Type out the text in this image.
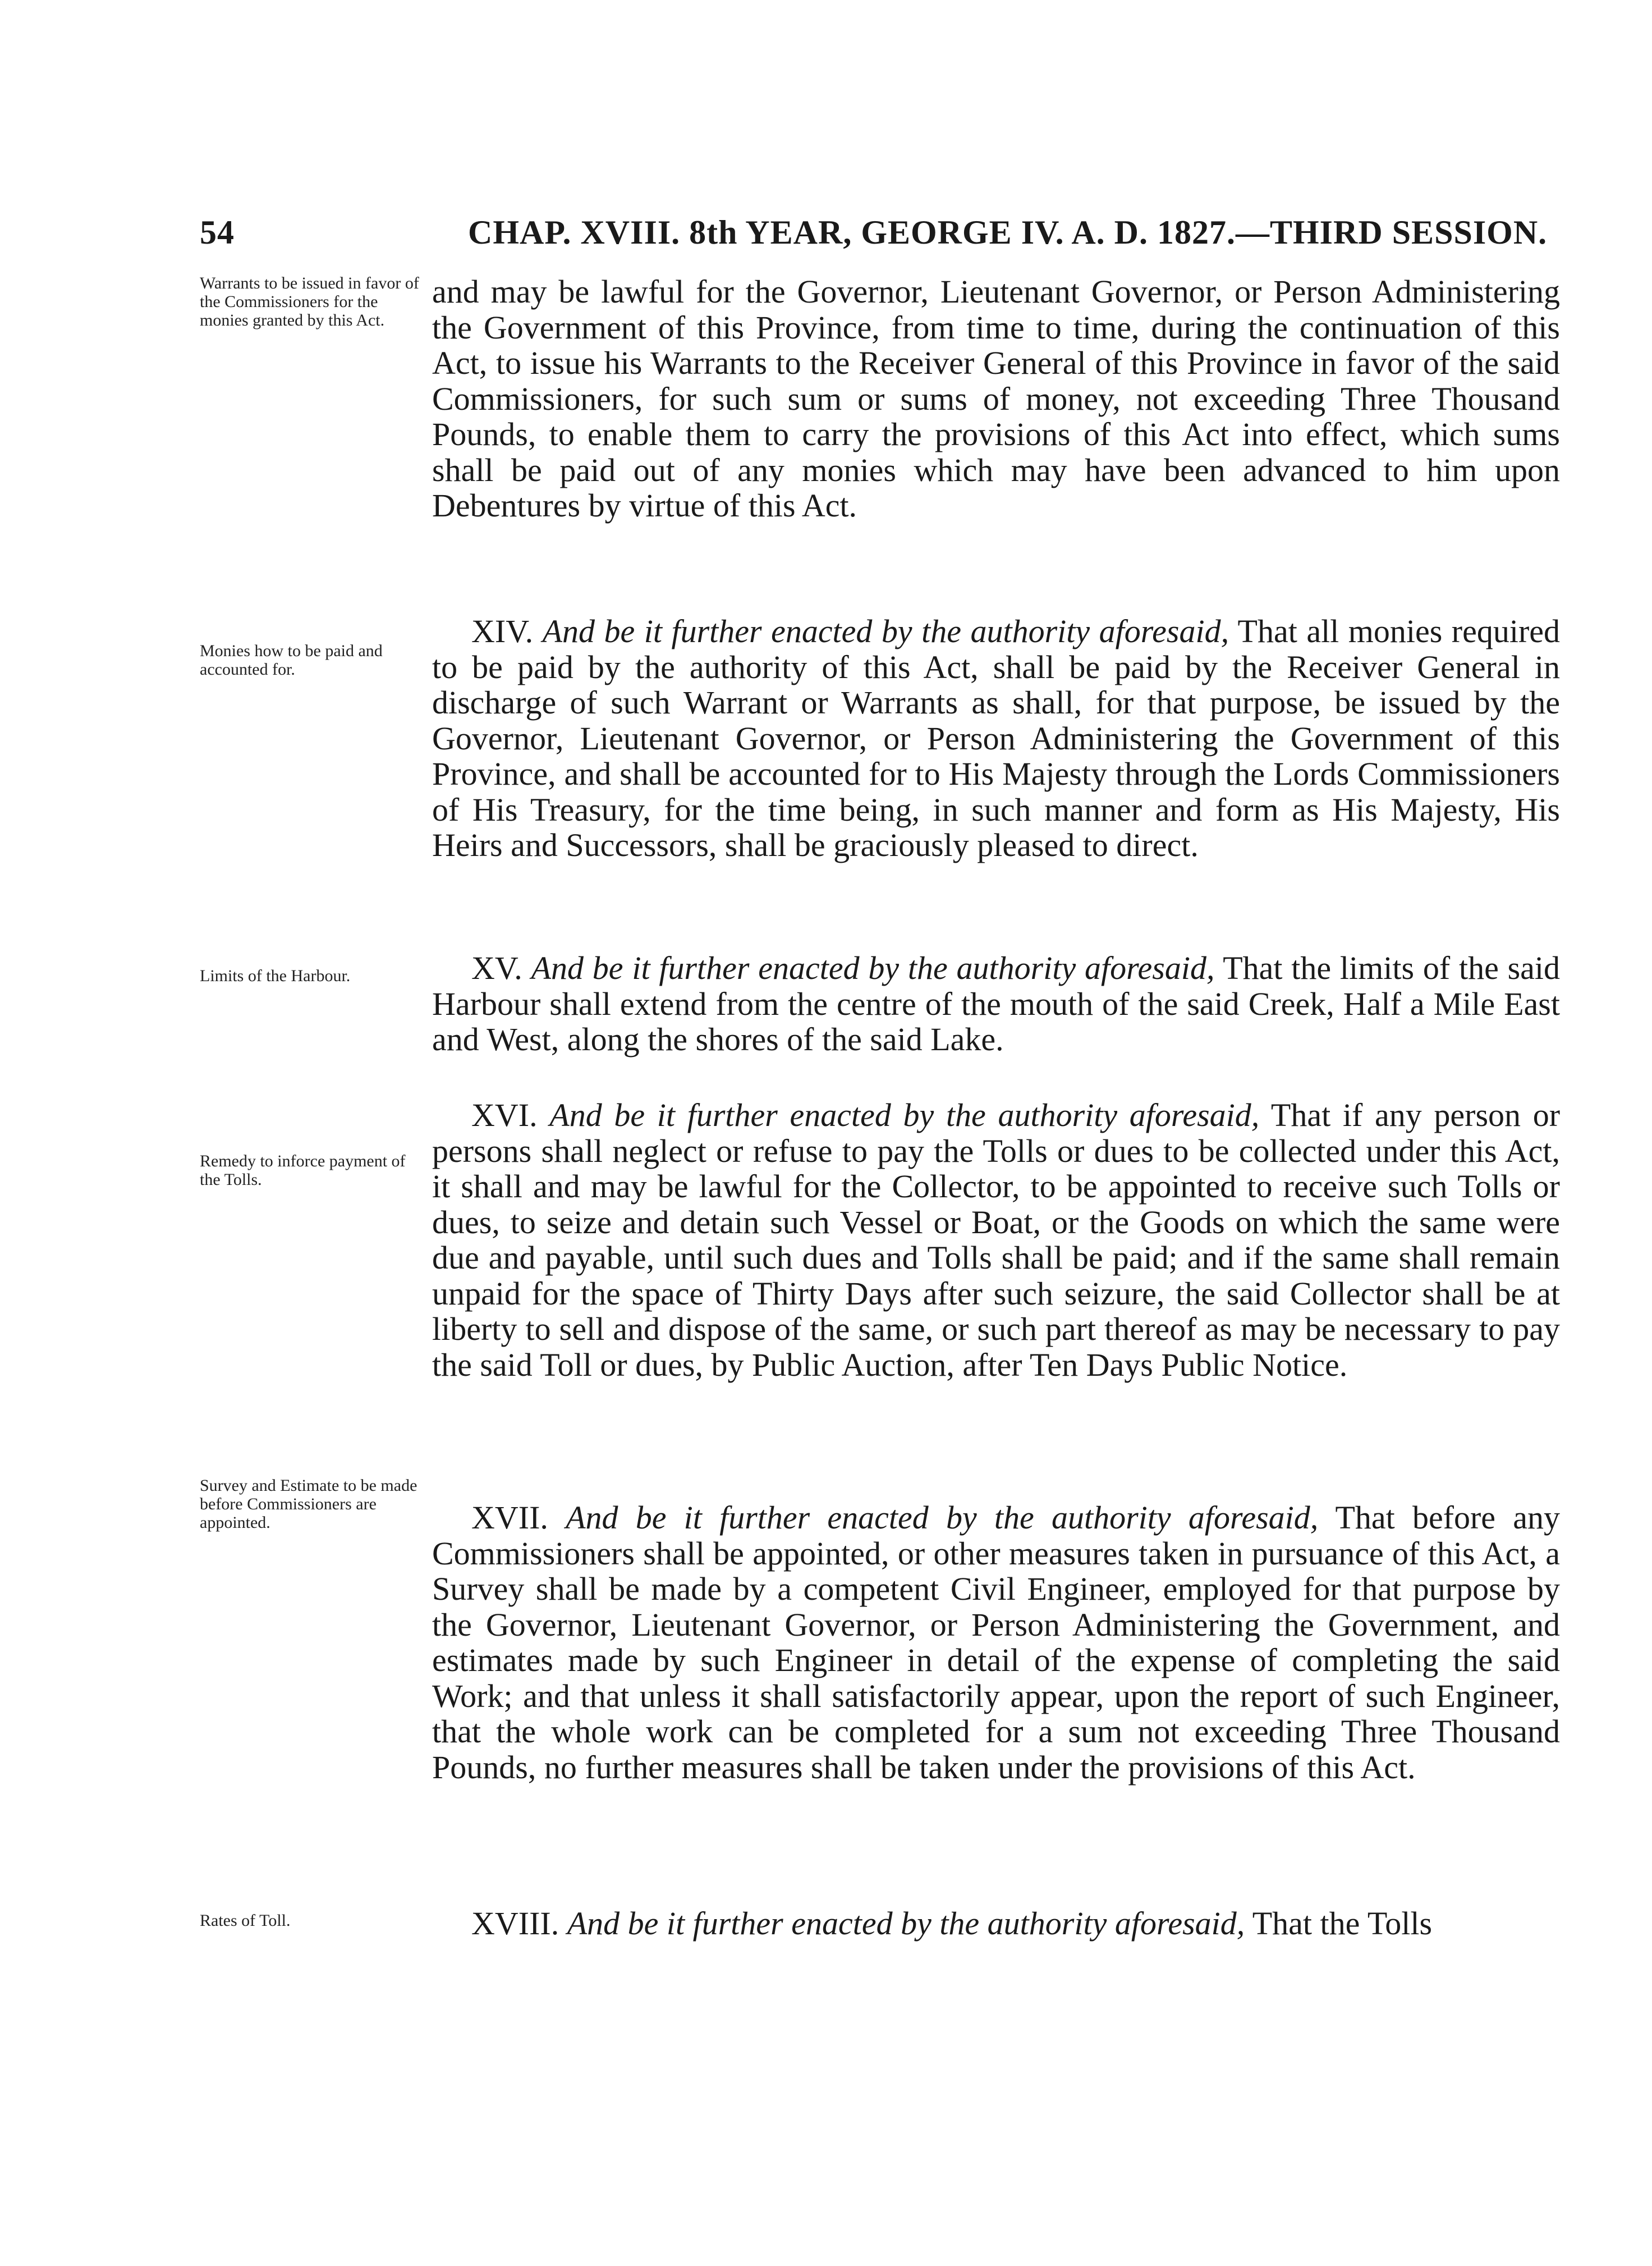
54	CHAP. XVIII. 8th YEAR, GEORGE IV. A. D. 1827.—THIRD SESSION.
Warrants to be issued in favor of the Commissioners for the monies granted by this Act.
and may be lawful for the Governor, Lieutenant Governor, or Person Administering the Government of this Province, from time to time, during the continuation of this Act, to issue his Warrants to the Receiver General of this Province in favor of the said Commissioners, for such sum or sums of money, not exceeding Three Thousand Pounds, to enable them to carry the provisions of this Act into effect, which sums shall be paid out of any monies which may have been advanced to him upon Debentures by virtue of this Act.
Monies how to be paid and accounted for.
XIV. And be it further enacted by the authority aforesaid, That all monies required to be paid by the authority of this Act, shall be paid by the Receiver General in discharge of such Warrant or Warrants as shall, for that purpose, be issued by the Governor, Lieutenant Governor, or Person Administering the Government of this Province, and shall be accounted for to His Majesty through the Lords Commissioners of His Treasury, for the time being, in such manner and form as His Majesty, His Heirs and Successors, shall be graciously pleased to direct.
Limits of the Harbour.	XV. And be it further enacted by the authority aforesaid, That the limits of the said Harbour shall extend from the centre of the mouth of the said Creek, Half a Mile East and West, along the shores of the said Lake.
Remedy to inforce payment of the Tolls.
XVI. And be it further enacted by the authority aforesaid, That if any person or persons shall neglect or refuse to pay the Tolls or dues to be collected under this Act, it shall and may be lawful for the Collector, to be appointed to receive such Tolls or dues, to seize and detain such Vessel or Boat, or the Goods on which the same were due and payable, until such dues and Tolls shall be paid; and if the same shall remain unpaid for the space of Thirty Days after such seizure, the said Collector shall be at liberty to sell and dispose of the same, or such part thereof as may be necessary to pay the said Toll or dues, by Public Auction, after Ten Days Public Notice.
Survey and Estimate to be made before Commissioners are appointed.	XVII. And be it further enacted by the authority aforesaid, That before any Commissioners shall be appointed, or other measures taken in pursuance of this Act, a Survey shall be made by a competent Civil Engineer, employed for that purpose by the Governor, Lieutenant Governor, or Person Administering the Government, and estimates made by such Engineer in detail of the expense of completing the said Work; and that unless it shall satisfactorily appear, upon the report of such Engineer, that the whole work can be completed for a sum not exceeding Three Thousand Pounds, no further measures shall be taken under the provisions of this Act.
Rates of Toll.	XVIII. And be it further enacted by the authority aforesaid, That the Tolls
